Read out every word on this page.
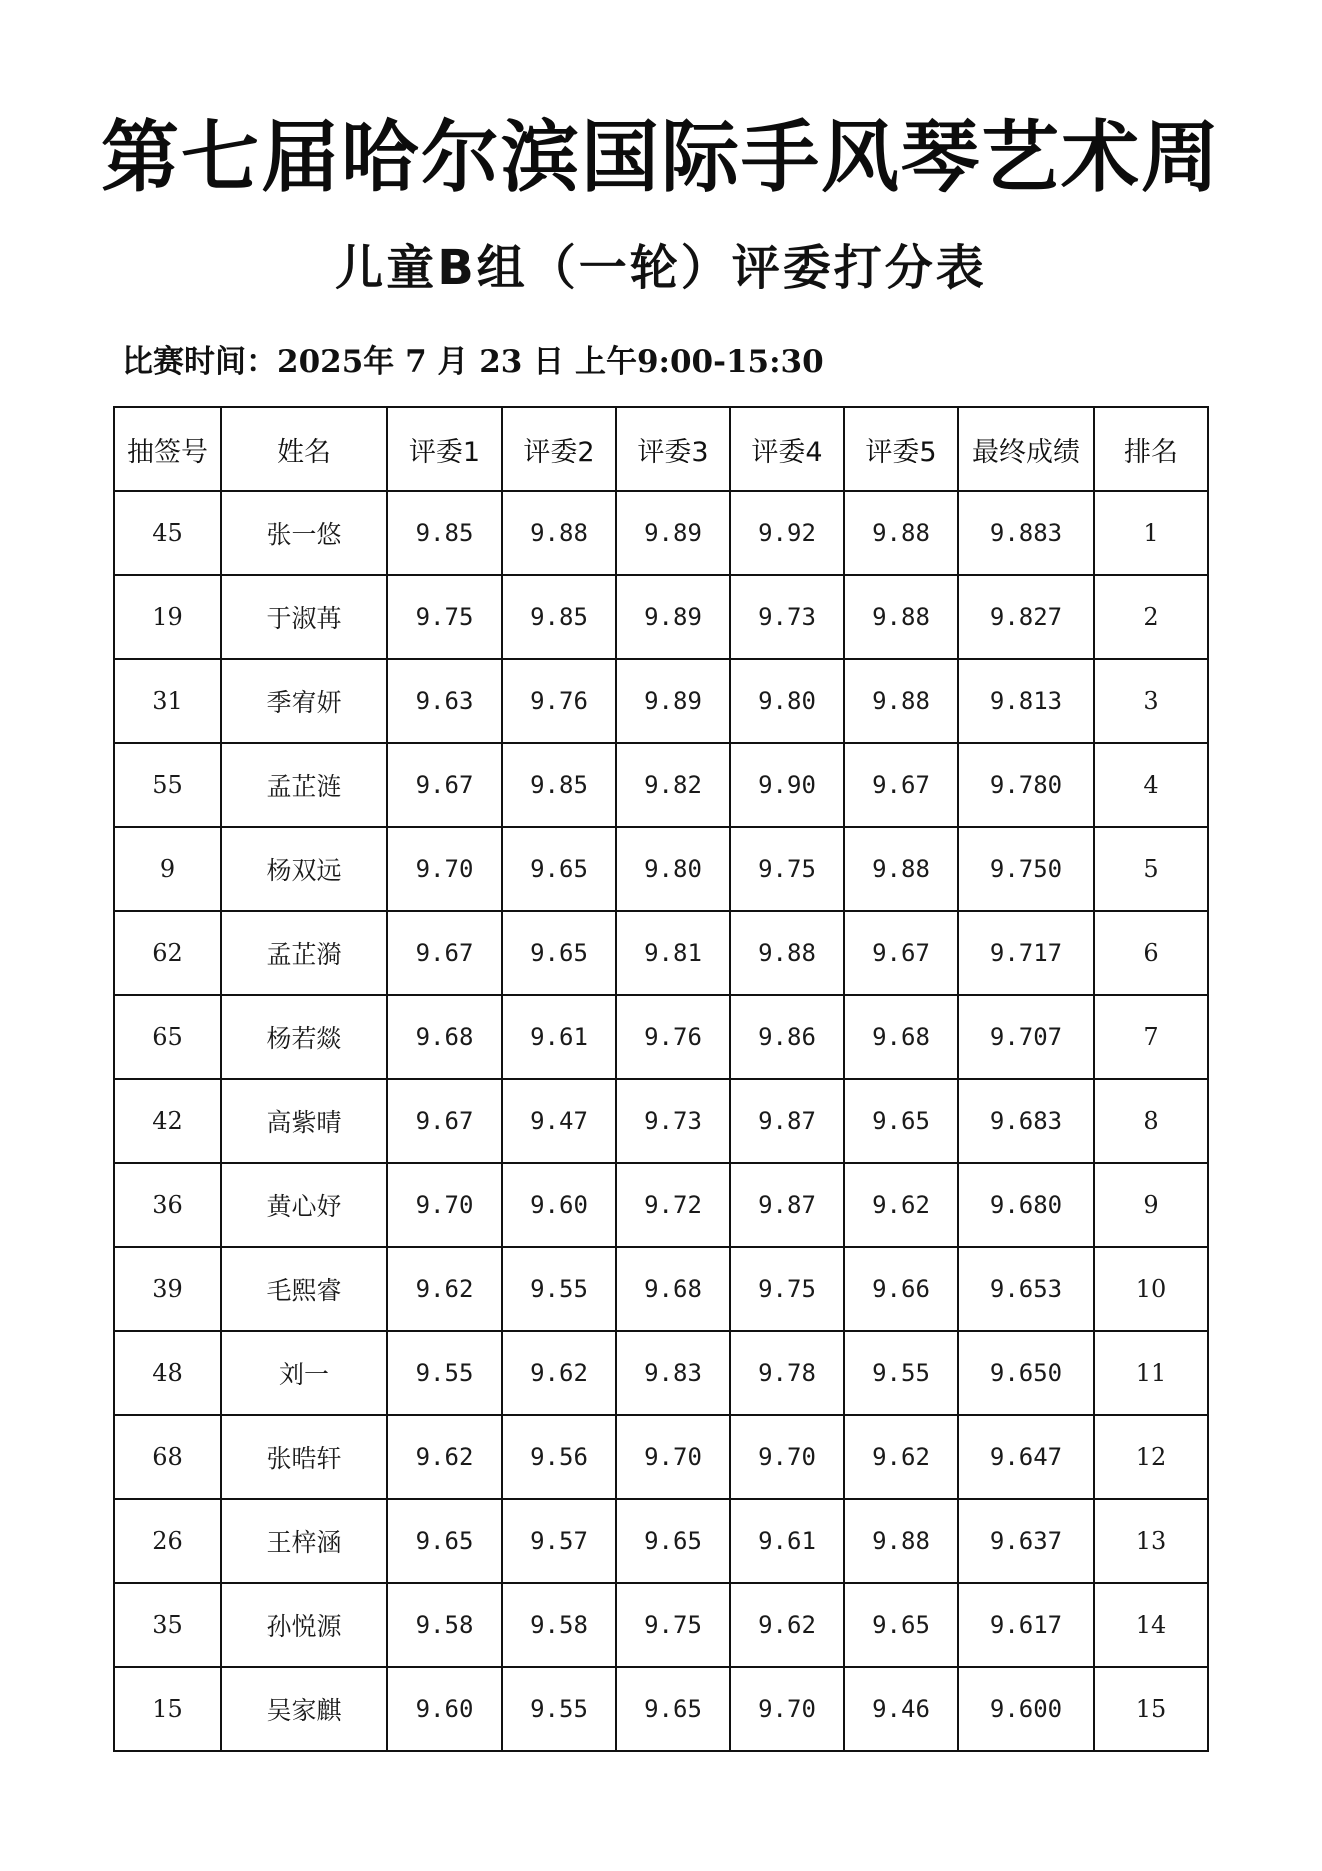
第七届哈尔滨国际手风琴艺术周
儿童B组（一轮）评委打分表
比赛时间：2025年 7 月 23 日 上午9:00-15:30
抽签号	姓名	评委1	评委2	评委3	评委4	评委5	最终成绩	排名
45	张一悠	9.85	9.88	9.89	9.92	9.88	9.883	1
19	于淑苒	9.75	9.85	9.89	9.73	9.88	9.827	2
31	季宥妍	9.63	9.76	9.89	9.80	9.88	9.813	3
55	孟芷涟	9.67	9.85	9.82	9.90	9.67	9.780	4
9	杨双远	9.70	9.65	9.80	9.75	9.88	9.750	5
62	孟芷漪	9.67	9.65	9.81	9.88	9.67	9.717	6
65	杨若燚	9.68	9.61	9.76	9.86	9.68	9.707	7
42	高紫晴	9.67	9.47	9.73	9.87	9.65	9.683	8
36	黄心妤	9.70	9.60	9.72	9.87	9.62	9.680	9
39	毛熙睿	9.62	9.55	9.68	9.75	9.66	9.653	10
48	刘一	9.55	9.62	9.83	9.78	9.55	9.650	11
68	张晧轩	9.62	9.56	9.70	9.70	9.62	9.647	12
26	王梓涵	9.65	9.57	9.65	9.61	9.88	9.637	13
35	孙悦源	9.58	9.58	9.75	9.62	9.65	9.617	14
15	吴家麒	9.60	9.55	9.65	9.70	9.46	9.600	15
